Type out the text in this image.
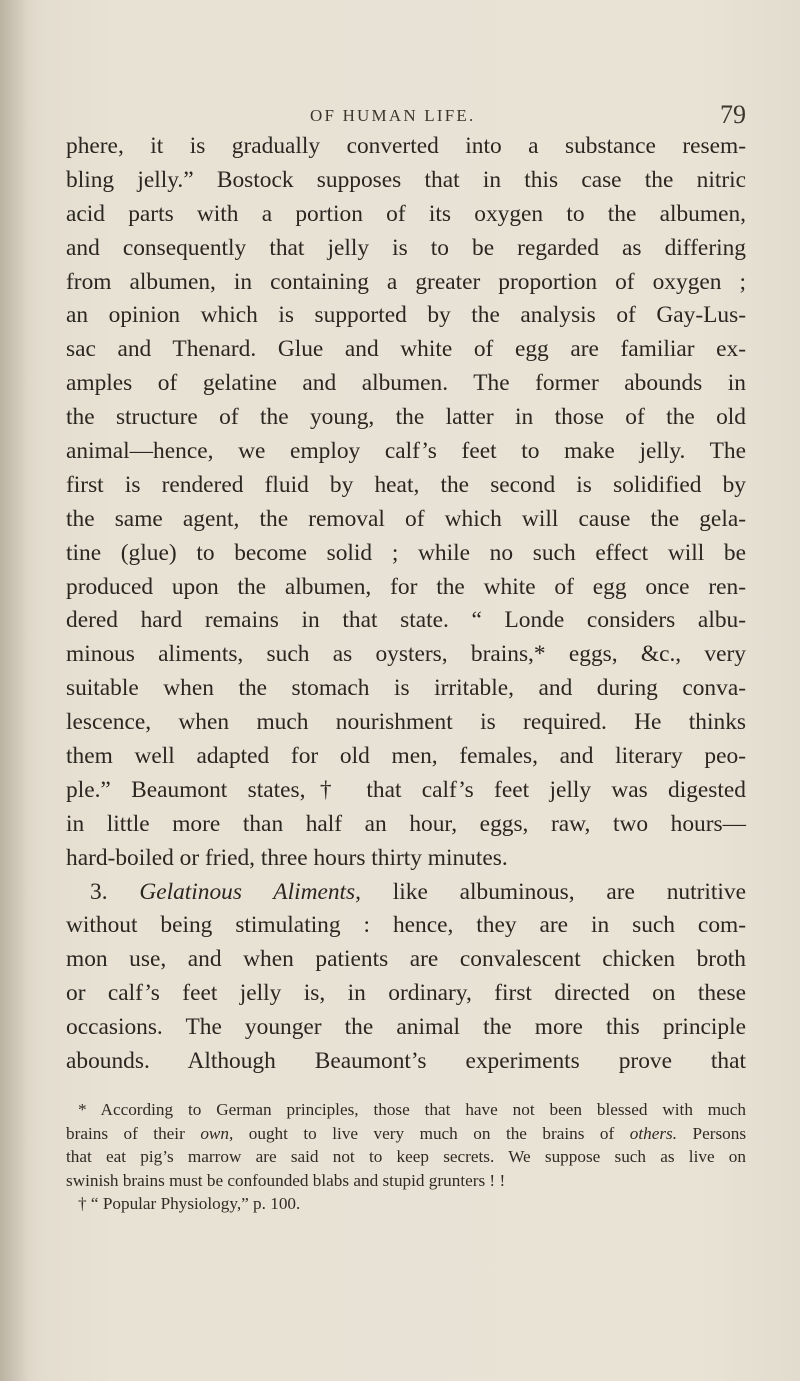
OF HUMAN LIFE.	79
phere, it is gradually converted into a substance resem-
bling jelly.” Bostock supposes that in this case the nitric
acid parts with a portion of its oxygen to the albumen,
and consequently that jelly is to be regarded as differing
from albumen, in containing a greater proportion of oxygen ;
an opinion which is supported by the analysis of Gay-Lus-
sac and Thenard. Glue and white of egg are familiar ex-
amples of gelatine and albumen. The former abounds in
the structure of the young, the latter in those of the old
animal—hence, we employ calf’s feet to make jelly. The
first is rendered fluid by heat, the second is solidified by
the same agent, the removal of which will cause the gela-
tine (glue) to become solid ; while no such effect will be
produced upon the albumen, for the white of egg once ren-
dered hard remains in that state. “ Londe considers albu-
minous aliments, such as oysters, brains,* eggs, &c., very
suitable when the stomach is irritable, and during conva-
lescence, when much nourishment is required. He thinks
them well adapted for old men, females, and literary peo-
ple.” Beaumont states,† that calf’s feet jelly was digested
in little more than half an hour, eggs, raw, two hours—
hard-boiled or fried, three hours thirty minutes.
3. Gelatinous Aliments, like albuminous, are nutritive
without being stimulating : hence, they are in such com-
mon use, and when patients are convalescent chicken broth
or calf’s feet jelly is, in ordinary, first directed on these
occasions. The younger the animal the more this principle
abounds. Although Beaumont’s experiments prove that
* According to German principles, those that have not been blessed with much
brains of their own, ought to live very much on the brains of others. Persons
that eat pig’s marrow are said not to keep secrets. We suppose such as live on
swinish brains must be confounded blabs and stupid grunters ! !
† “ Popular Physiology,” p. 100.
